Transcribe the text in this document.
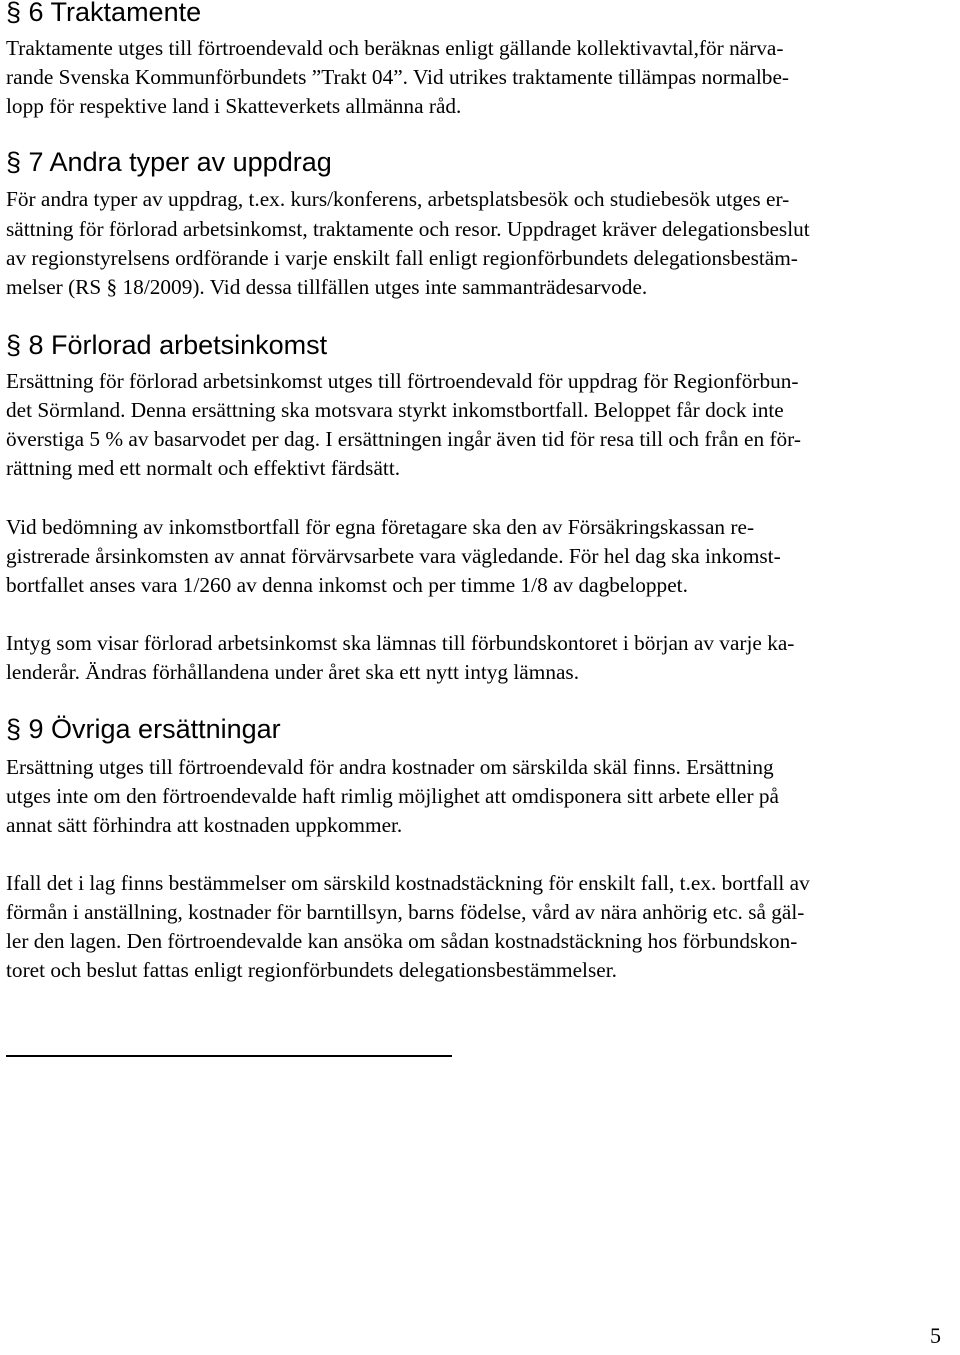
§ 6 Traktamente

Traktamente utges till förtroendevald och beräknas enligt gällande kollektivavtal,för närva-

rande Svenska Kommunförbundets ”Trakt 04”. Vid utrikes traktamente tillämpas normalbe-

lopp för respektive land i Skatteverkets allmänna råd.

§ 7 Andra typer av uppdrag

För andra typer av uppdrag, t.ex. kurs/konferens, arbetsplatsbesök och studiebesök utges er-

sättning för förlorad arbetsinkomst, traktamente och resor. Uppdraget kräver delegationsbeslut

av regionstyrelsens ordförande i varje enskilt fall enligt regionförbundets delegationsbestäm-

melser (RS § 18/2009). Vid dessa tillfällen utges inte sammanträdesarvode.

§ 8 Förlorad arbetsinkomst

Ersättning för förlorad arbetsinkomst utges till förtroendevald för uppdrag för Regionförbun-

det Sörmland. Denna ersättning ska motsvara styrkt inkomstbortfall. Beloppet får dock inte

överstiga 5 % av basarvodet per dag. I ersättningen ingår även tid för resa till och från en för-

rättning med ett normalt och effektivt färdsätt.

Vid bedömning av inkomstbortfall för egna företagare ska den av Försäkringskassan re-

gistrerade årsinkomsten av annat förvärvsarbete vara vägledande. För hel dag ska inkomst-

bortfallet anses vara 1/260 av denna inkomst och per timme 1/8 av dagbeloppet.

Intyg som visar förlorad arbetsinkomst ska lämnas till förbundskontoret i början av varje ka-

lenderår. Ändras förhållandena under året ska ett nytt intyg lämnas.

§ 9 Övriga ersättningar

Ersättning utges till förtroendevald för andra kostnader om särskilda skäl finns. Ersättning

utges inte om den förtroendevalde haft rimlig möjlighet att omdisponera sitt arbete eller på

annat sätt förhindra att kostnaden uppkommer.

Ifall det i lag finns bestämmelser om särskild kostnadstäckning för enskilt fall, t.ex. bortfall av

förmån i anställning, kostnader för barntillsyn, barns födelse, vård av nära anhörig etc. så gäl-

ler den lagen. Den förtroendevalde kan ansöka om sådan kostnadstäckning hos förbundskon-

toret och beslut fattas enligt regionförbundets delegationsbestämmelser.

5
